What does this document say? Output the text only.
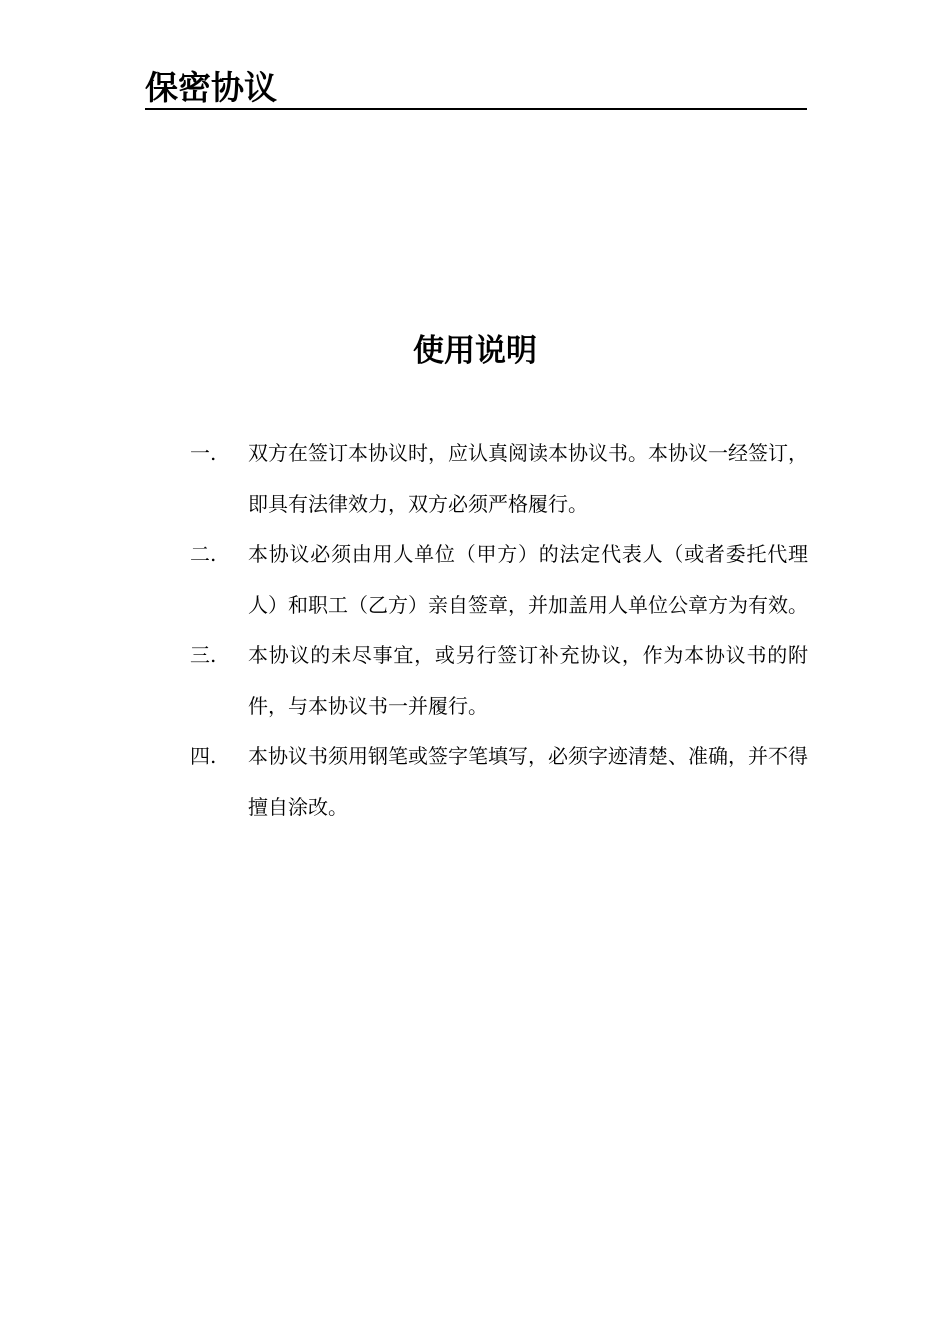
保密协议
使用说明
一.	双方在签订本协议时，应认真阅读本协议书。本协议一经签订，即具有法律效力，双方必须严格履行。
二.	本协议必须由用人单位（甲方）的法定代表人（或者委托代理人）和职工（乙方）亲自签章，并加盖用人单位公章方为有效。
三.	本协议的未尽事宜，或另行签订补充协议，作为本协议书的附件，与本协议书一并履行。
四.	本协议书须用钢笔或签字笔填写，必须字迹清楚、准确，并不得擅自涂改。
